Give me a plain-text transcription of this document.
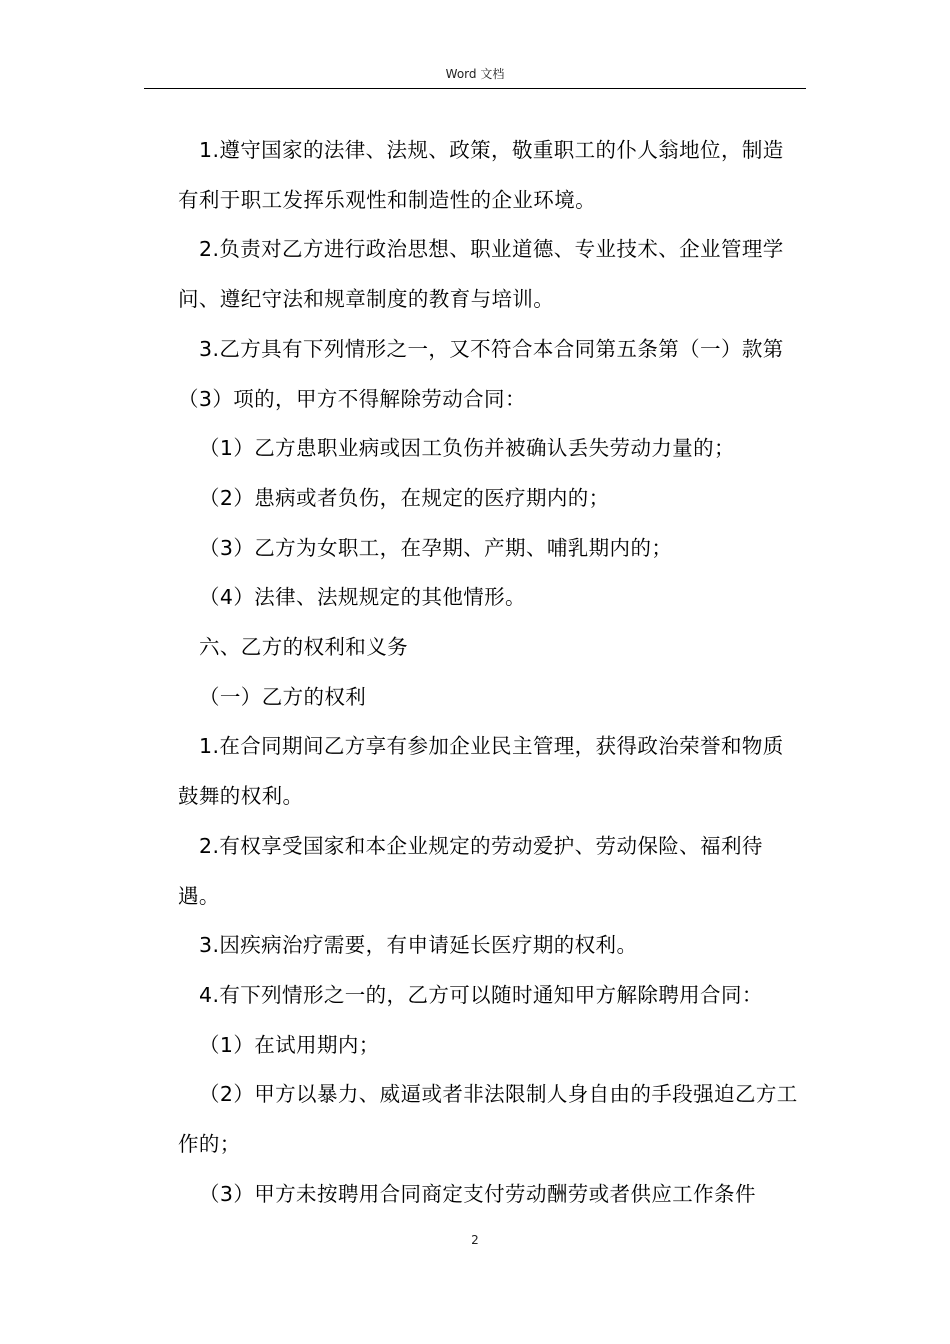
Word 文档

1.遵守国家的法律、法规、政策，敬重职工的仆人翁地位，制造有利于职工发挥乐观性和制造性的企业环境。

2.负责对乙方进行政治思想、职业道德、专业技术、企业管理学问、遵纪守法和规章制度的教育与培训。

3.乙方具有下列情形之一，又不符合本合同第五条第（一）款第（3）项的，甲方不得解除劳动合同：

（1）乙方患职业病或因工负伤并被确认丢失劳动力量的；

（2）患病或者负伤，在规定的医疗期内的；

（3）乙方为女职工，在孕期、产期、哺乳期内的；

（4）法律、法规规定的其他情形。

六、乙方的权利和义务

（一）乙方的权利

1.在合同期间乙方享有参加企业民主管理，获得政治荣誉和物质鼓舞的权利。

2.有权享受国家和本企业规定的劳动爱护、劳动保险、福利待遇。

3.因疾病治疗需要，有申请延长医疗期的权利。

4.有下列情形之一的，乙方可以随时通知甲方解除聘用合同：

（1）在试用期内；

（2）甲方以暴力、威逼或者非法限制人身自由的手段强迫乙方工作的；

（3）甲方未按聘用合同商定支付劳动酬劳或者供应工作条件

2
